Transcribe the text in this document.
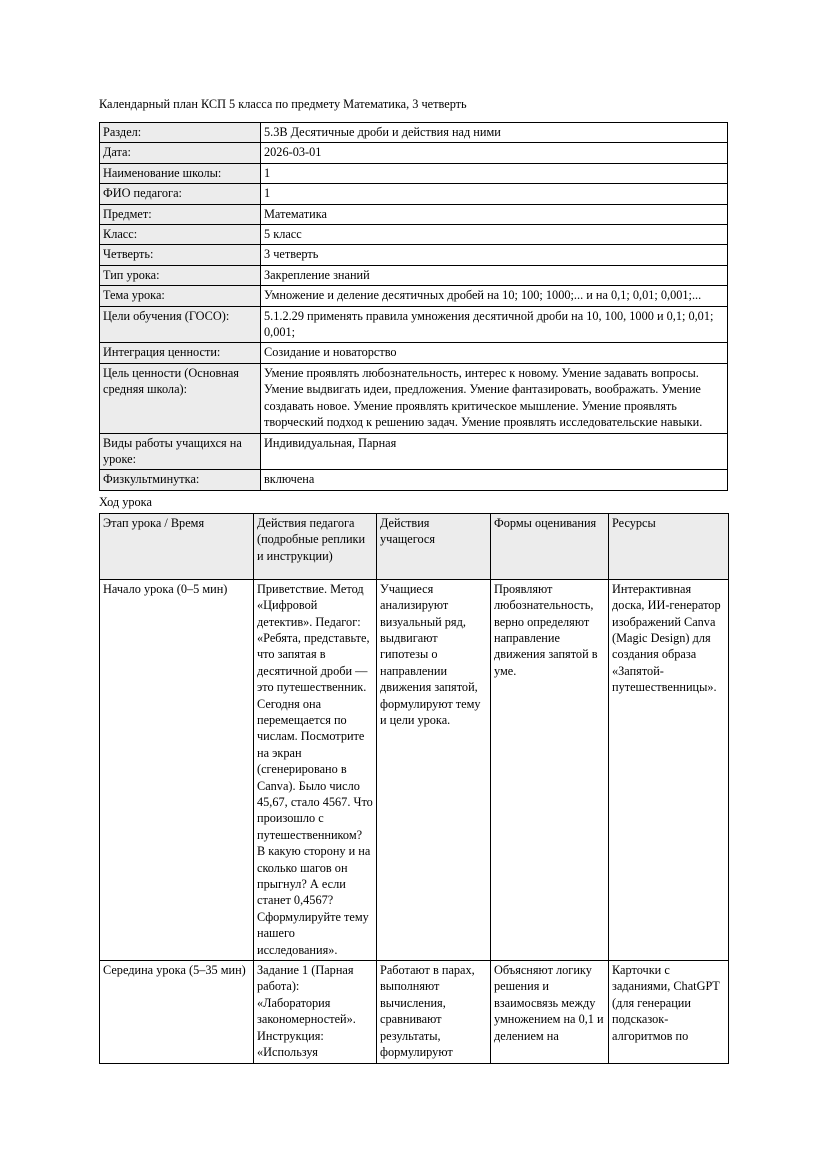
Календарный план КСП 5 класса по предмету Математика, 3 четверть
Раздел:	5.3В Десятичные дроби и действия над ними
Дата:	2026-03-01
Наименование школы:	1
ФИО педагога:	1
Предмет:	Математика
Класс:	5 класс
Четверть:	3 четверть
Тип урока:	Закрепление знаний
Тема урока:	Умножение и деление десятичных дробей на 10; 100; 1000;... и на 0,1; 0,01; 0,001;...
Цели обучения (ГОСО):	5.1.2.29 применять правила умножения десятичной дроби на 10, 100, 1000 и 0,1; 0,01; 0,001;
Интеграция ценности:	Созидание и новаторство
Цель ценности (Основная средняя школа):	Умение проявлять любознательность, интерес к новому. Умение задавать вопросы. Умение выдвигать идеи, предложения. Умение фантазировать, воображать. Умение создавать новое. Умение проявлять критическое мышление. Умение проявлять творческий подход к решению задач. Умение проявлять исследовательские навыки.
Виды работы учащихся на уроке:	Индивидуальная, Парная
Физкультминутка:	включена
Ход урока
Этап урока / Время	Действия педагога (подробные реплики и инструкции)	Действия учащегося	Формы оценивания	Ресурсы
Начало урока (0–5 мин)	Приветствие. Метод «Цифровой детектив». Педагог: «Ребята, представьте, что запятая в десятичной дроби — это путешественник. Сегодня она перемещается по числам. Посмотрите на экран (сгенерировано в Canva). Было число 45,67, стало 4567. Что произошло с путешественником? В какую сторону и на сколько шагов он прыгнул? А если станет 0,4567? Сформулируйте тему нашего исследования».	Учащиеся анализируют визуальный ряд, выдвигают гипотезы о направлении движения запятой, формулируют тему и цели урока.	Проявляют любознательность, верно определяют направление движения запятой в уме.	Интерактивная доска, ИИ-генератор изображений Canva (Magic Design) для создания образа «Запятой-путешественницы».
Середина урока (5–35 мин)	Задание 1 (Парная работа): «Лаборатория закономерностей». Инструкция: «Используя	Работают в парах, выполняют вычисления, сравнивают результаты, формулируют	Объясняют логику решения и взаимосвязь между умножением на 0,1 и делением на	Карточки с заданиями, ChatGPT (для генерации подсказок-алгоритмов по
